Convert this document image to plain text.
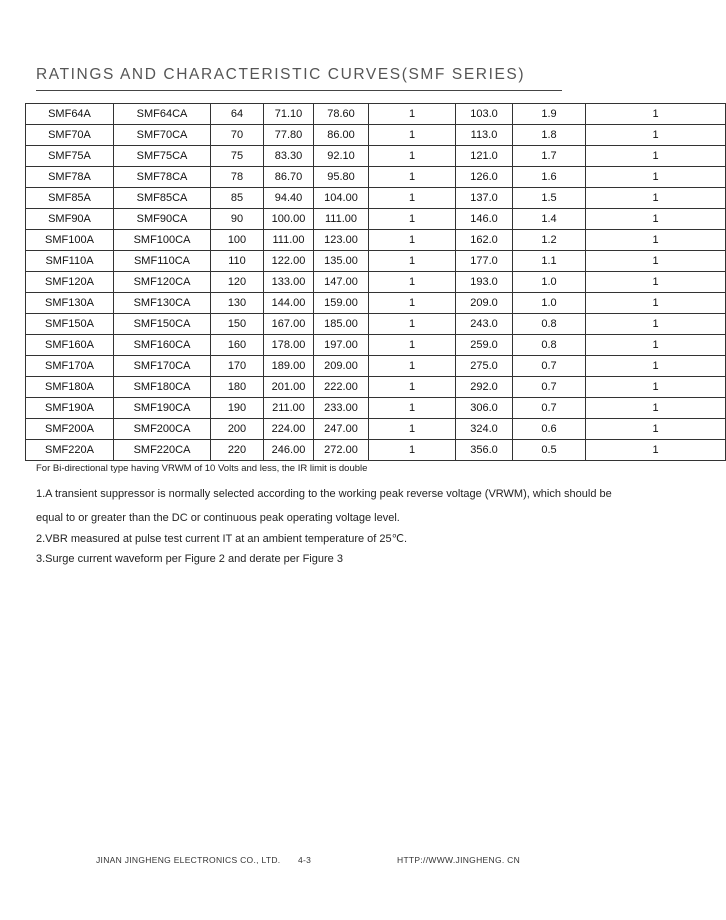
RATINGS AND CHARACTERISTIC CURVES(SMF SERIES)
SMF64A	SMF64CA	64	71.10	78.60	1	103.0	1.9	1
SMF70A	SMF70CA	70	77.80	86.00	1	113.0	1.8	1
SMF75A	SMF75CA	75	83.30	92.10	1	121.0	1.7	1
SMF78A	SMF78CA	78	86.70	95.80	1	126.0	1.6	1
SMF85A	SMF85CA	85	94.40	104.00	1	137.0	1.5	1
SMF90A	SMF90CA	90	100.00	111.00	1	146.0	1.4	1
SMF100A	SMF100CA	100	111.00	123.00	1	162.0	1.2	1
SMF110A	SMF110CA	110	122.00	135.00	1	177.0	1.1	1
SMF120A	SMF120CA	120	133.00	147.00	1	193.0	1.0	1
SMF130A	SMF130CA	130	144.00	159.00	1	209.0	1.0	1
SMF150A	SMF150CA	150	167.00	185.00	1	243.0	0.8	1
SMF160A	SMF160CA	160	178.00	197.00	1	259.0	0.8	1
SMF170A	SMF170CA	170	189.00	209.00	1	275.0	0.7	1
SMF180A	SMF180CA	180	201.00	222.00	1	292.0	0.7	1
SMF190A	SMF190CA	190	211.00	233.00	1	306.0	0.7	1
SMF200A	SMF200CA	200	224.00	247.00	1	324.0	0.6	1
SMF220A	SMF220CA	220	246.00	272.00	1	356.0	0.5	1
For Bi-directional type having VRWM of 10 Volts and less, the IR limit is double
1.A transient suppressor is normally selected according to the working peak reverse voltage (VRWM), which should be
equal to or greater than the DC or continuous peak operating voltage level.
2.VBR measured at pulse test current IT at an ambient temperature of 25℃.
3.Surge current waveform per Figure 2 and derate per Figure 3
JINAN JINGHENG ELECTRONICS CO., LTD. 4-3	HTTP://WWW.JINGHENG. CN
